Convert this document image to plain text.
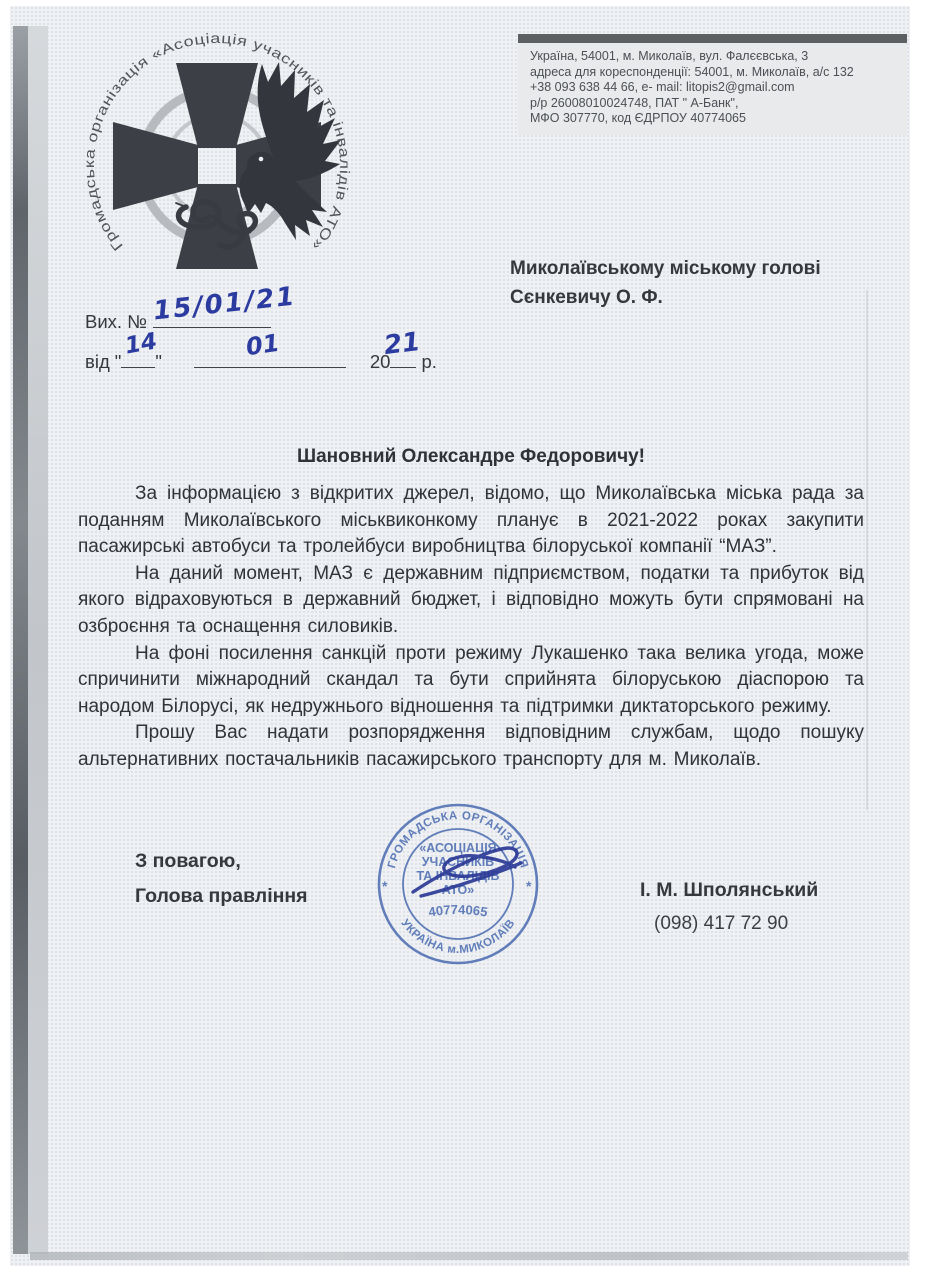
Громадська організація «Асоціація учасників та інвалідів АТО»
Україна, 54001, м. Миколаїв, вул. Фалєєвська, 3
адреса для кореспонденції: 54001, м. Миколаїв, а/с 132
+38 093 638 44 66, e- mail: litopis2@gmail.com
р/р 26008010024748, ПАТ " А-Банк",
МФО 307770, код ЄДРПОУ 40774065
Миколаївському міському голові
Сєнкевичу О. Ф.
Вих. № 15/01/21
від "
14
"
01
20
21
р.
Шановний Олександре Федоровичу!

За інформацією з відкритих джерел, відомо, що Миколаївська міська рада за поданням Миколаївського міськвиконкому планує в 2021-2022 роках закупити пасажирські автобуси та тролейбуси виробництва білоруської компанії “МАЗ”.

На даний момент, МАЗ є державним підприємством, податки та прибуток від якого відраховуються в державний бюджет, і відповідно можуть бути спрямовані на озброєння та оснащення силовиків.

На фоні посилення санкцій проти режиму Лукашенко така велика угода, може спричинити міжнародний скандал та бути сприйнята білоруською діаспорою та народом Білорусі, як недружнього відношення та підтримки диктаторського режиму.

Прошу Вас надати розпорядження відповідним службам, щодо пошуку альтернативних постачальників пасажирського транспорту для м. Миколаїв.

З повагою,
Голова правління
ГРОМАДСЬКА ОРГАНІЗАЦІЯ
УКРАЇНА м.МИКОЛАЇВ
*	*
«АСОЦІАЦІЯ
УЧАСНИКІВ
ТА ІНВАЛІДІВ
АТО»
40774065
І. М. Шполянський
(098) 417 72 90
